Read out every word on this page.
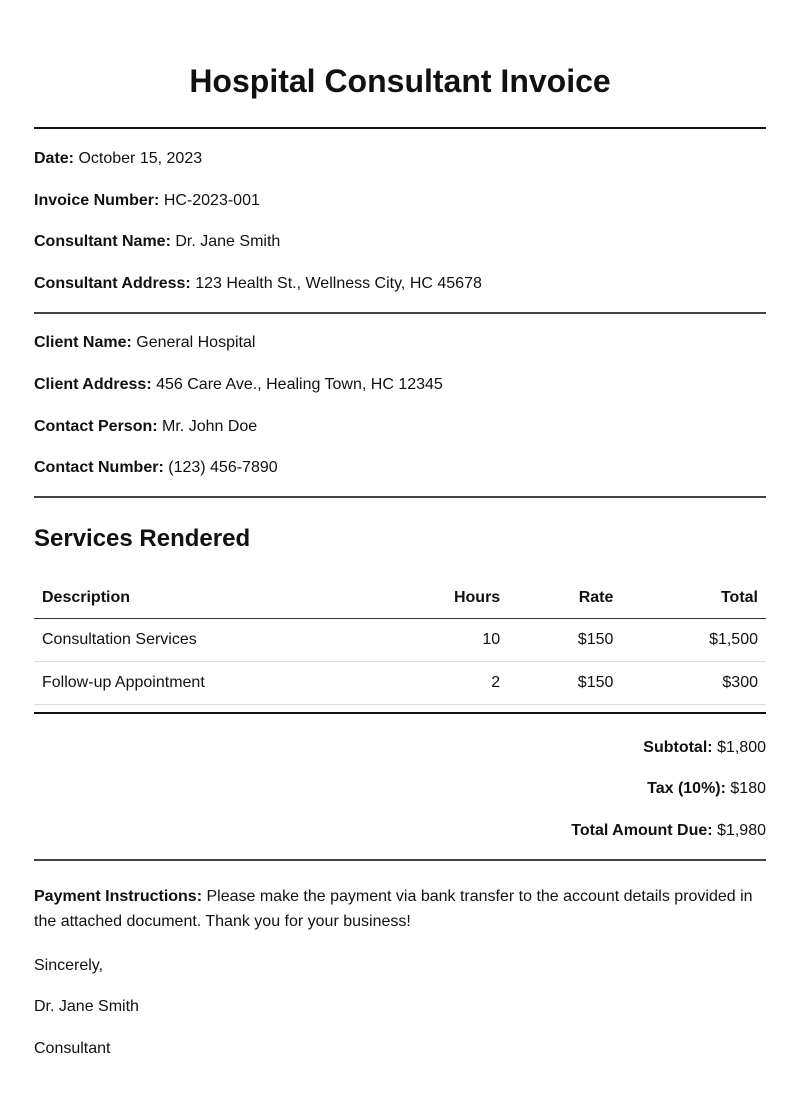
Hospital Consultant Invoice
Date: October 15, 2023
Invoice Number: HC-2023-001
Consultant Name: Dr. Jane Smith
Consultant Address: 123 Health St., Wellness City, HC 45678
Client Name: General Hospital
Client Address: 456 Care Ave., Healing Town, HC 12345
Contact Person: Mr. John Doe
Contact Number: (123) 456-7890
Services Rendered
Description	Hours	Rate	Total
Consultation Services	10	$150	$1,500
Follow-up Appointment	2	$150	$300
Subtotal: $1,800
Tax (10%): $180
Total Amount Due: $1,980
Payment Instructions: Please make the payment via bank transfer to the account details provided in the attached document. Thank you for your business!
Sincerely,
Dr. Jane Smith
Consultant
